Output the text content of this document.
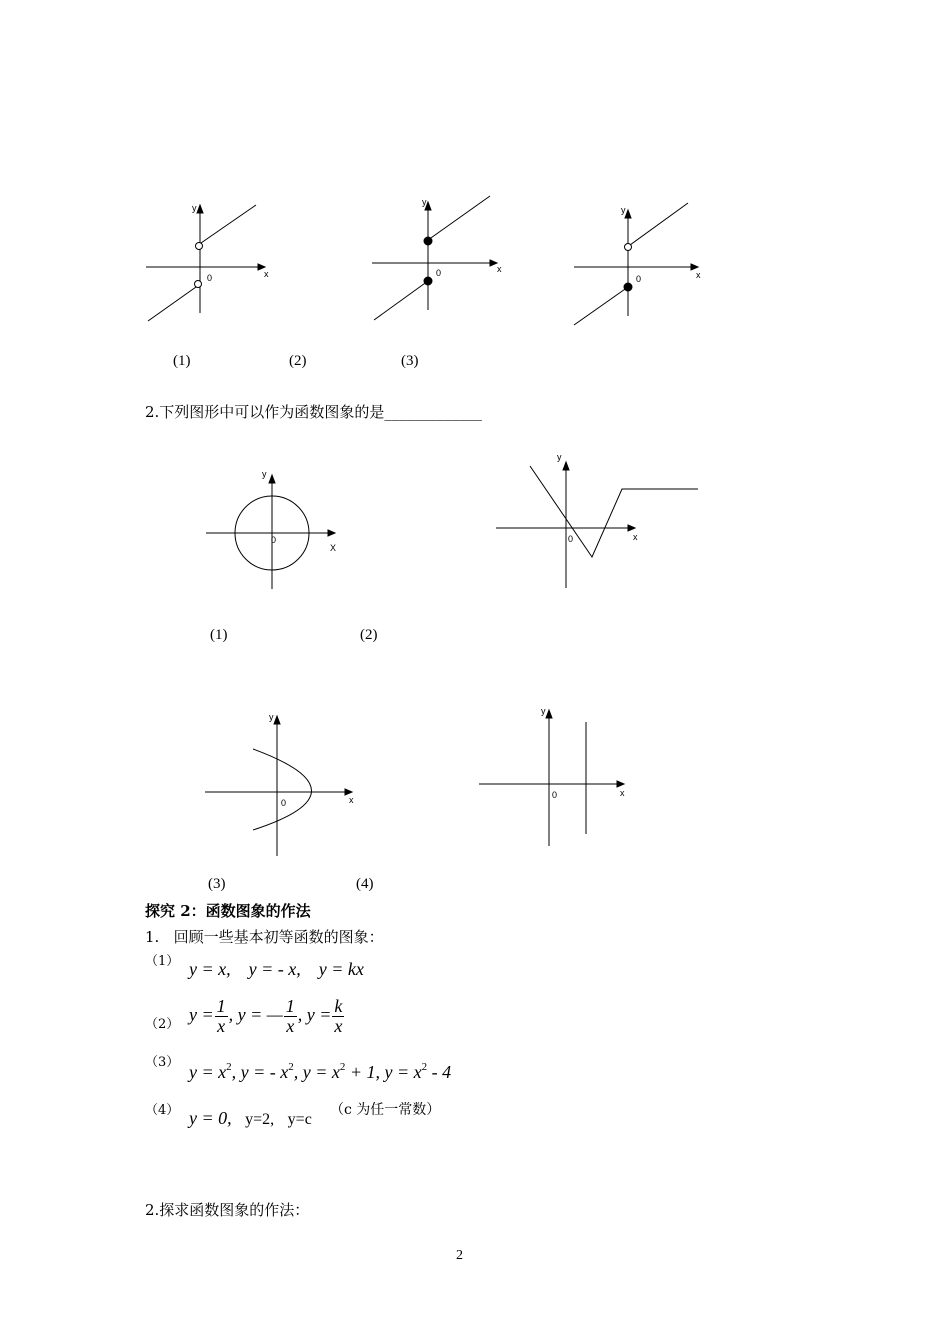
y
x
0
y
x
0
y
x
0
(1)	(2)	(3)
2.下列图形中可以作为函数图象的是_____________
y
X
0
y
x
0
(1)	(2)
y
x
0
y
x
0
(3)	(4)
探究 2：函数图象的作法
1.   回顾一些基本初等函数的图象：
（1） y = x, y = - x, y = kx
（2） $y = \frac{1}{x}$ , y = — $\frac{1}{x}$ , $y = \frac{k}{x}$
（3） $y = x^2$, y = - $x^2$, $y = x^2 + 1$, $y = x^2 - 4$
（4） y = 0, y=2, y=c
（c 为任一常数）
2.探求函数图象的作法：
2
